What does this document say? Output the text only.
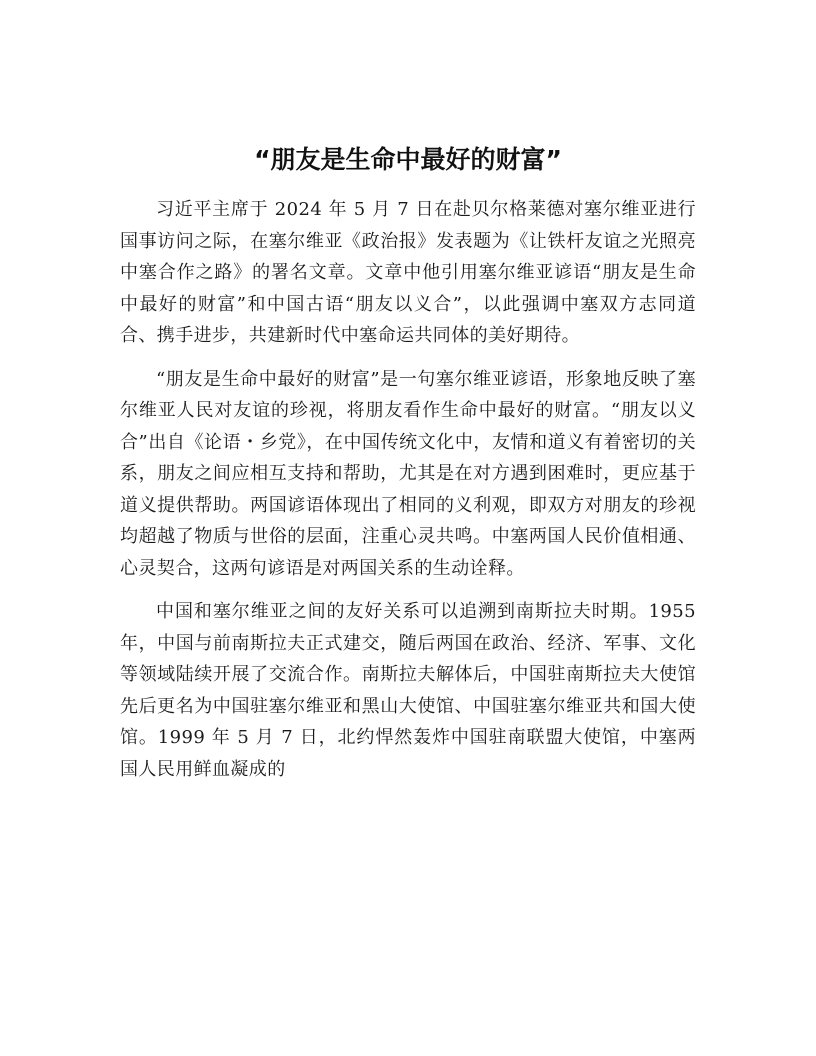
“朋友是生命中最好的财富”

习近平主席于 2024 年 5 月 7 日在赴贝尔格莱德对塞尔维亚进行国事访问之际，在塞尔维亚《政治报》发表题为《让铁杆友谊之光照亮中塞合作之路》的署名文章。文章中他引用塞尔维亚谚语“朋友是生命中最好的财富”和中国古语“朋友以义合”，以此强调中塞双方志同道合、携手进步，共建新时代中塞命运共同体的美好期待。

“朋友是生命中最好的财富”是一句塞尔维亚谚语，形象地反映了塞尔维亚人民对友谊的珍视，将朋友看作生命中最好的财富。“朋友以义合”出自《论语・乡党》，在中国传统文化中，友情和道义有着密切的关系，朋友之间应相互支持和帮助，尤其是在对方遇到困难时，更应基于道义提供帮助。两国谚语体现出了相同的义利观，即双方对朋友的珍视均超越了物质与世俗的层面，注重心灵共鸣。中塞两国人民价值相通、心灵契合，这两句谚语是对两国关系的生动诠释。

中国和塞尔维亚之间的友好关系可以追溯到南斯拉夫时期。1955 年，中国与前南斯拉夫正式建交，随后两国在政治、经济、军事、文化等领域陆续开展了交流合作。南斯拉夫解体后，中国驻南斯拉夫大使馆先后更名为中国驻塞尔维亚和黑山大使馆、中国驻塞尔维亚共和国大使馆。1999 年 5 月 7 日，北约悍然轰炸中国驻南联盟大使馆，中塞两国人民用鲜血凝成的
